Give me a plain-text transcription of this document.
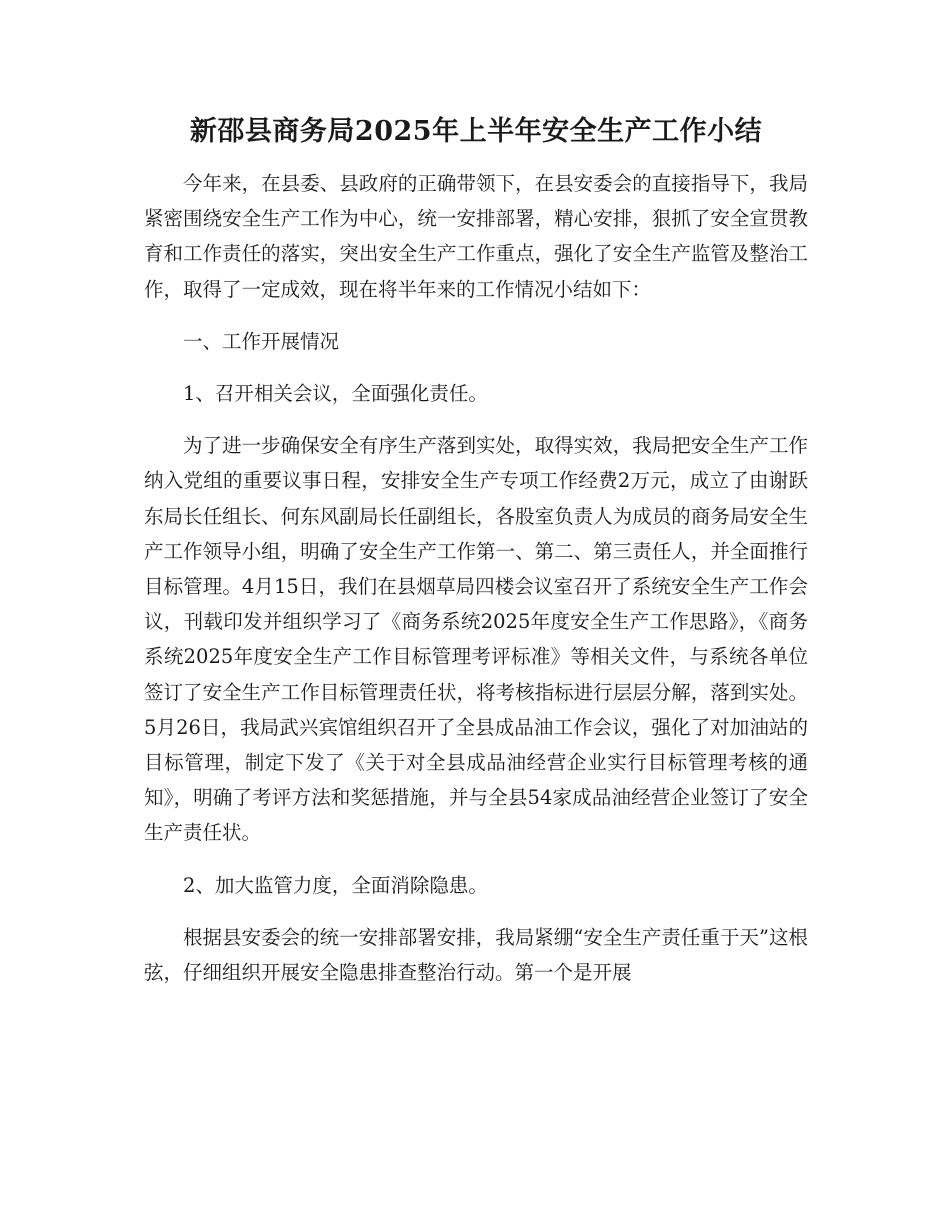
新邵县商务局2025年上半年安全生产工作小结

今年来，在县委、县政府的正确带领下，在县安委会的直接指导下，我局紧密围绕安全生产工作为中心，统一安排部署，精心安排，狠抓了安全宣贯教育和工作责任的落实，突出安全生产工作重点，强化了安全生产监管及整治工作，取得了一定成效，现在将半年来的工作情况小结如下：

一、工作开展情况

1、召开相关会议，全面强化责任。

为了进一步确保安全有序生产落到实处，取得实效，我局把安全生产工作纳入党组的重要议事日程，安排安全生产专项工作经费2万元，成立了由谢跃东局长任组长、何东风副局长任副组长，各股室负责人为成员的商务局安全生产工作领导小组，明确了安全生产工作第一、第二、第三责任人，并全面推行目标管理。4月15日，我们在县烟草局四楼会议室召开了系统安全生产工作会议，刊载印发并组织学习了《商务系统2025年度安全生产工作思路》，《商务系统2025年度安全生产工作目标管理考评标准》等相关文件，与系统各单位签订了安全生产工作目标管理责任状，将考核指标进行层层分解，落到实处。5月26日，我局武兴宾馆组织召开了全县成品油工作会议，强化了对加油站的目标管理，制定下发了《关于对全县成品油经营企业实行目标管理考核的通知》，明确了考评方法和奖惩措施，并与全县54家成品油经营企业签订了安全生产责任状。

2、加大监管力度，全面消除隐患。

根据县安委会的统一安排部署安排，我局紧绷“安全生产责任重于天”这根弦，仔细组织开展安全隐患排查整治行动。第一个是开展
